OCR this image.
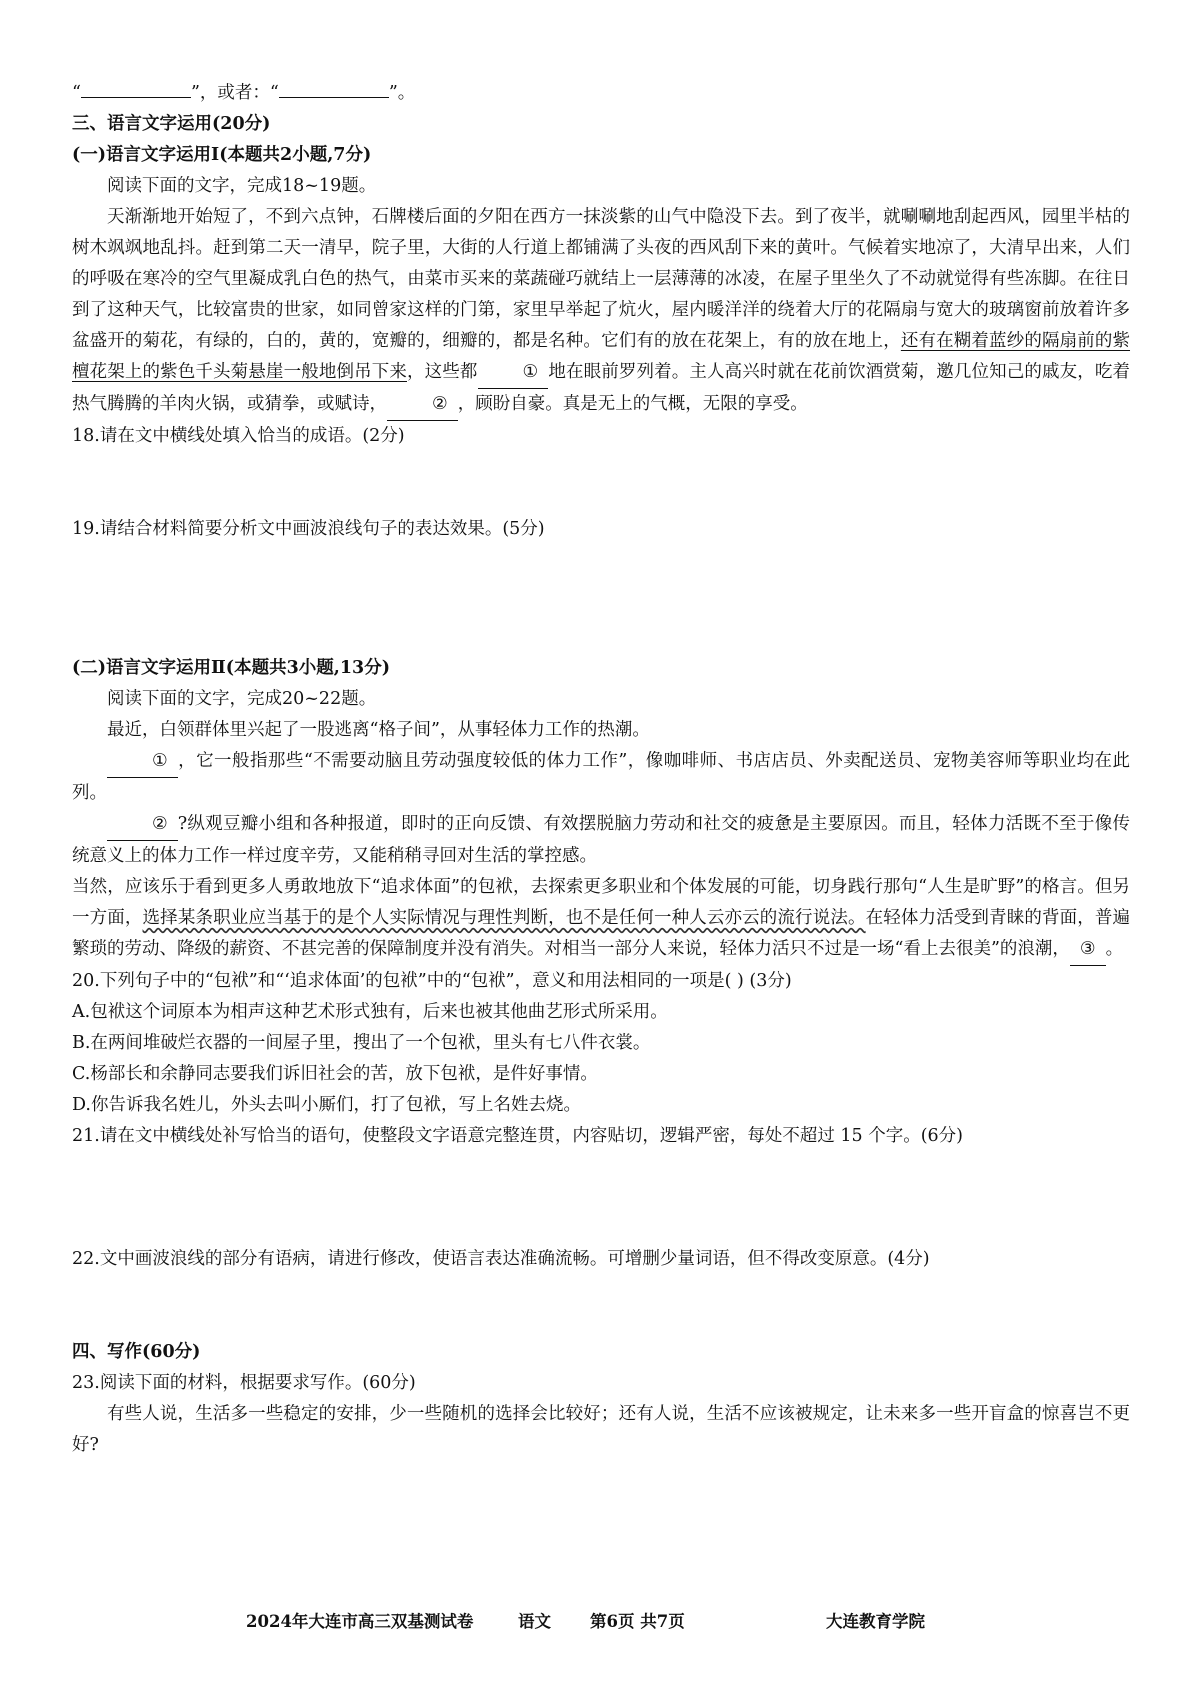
“	”，或者：“	”。
三、语言文字运用(20分)
(一)语言文字运用Ⅰ(本题共2小题,7分)
阅读下面的文字，完成18~19题。
天渐渐地开始短了，不到六点钟，石牌楼后面的夕阳在西方一抹淡紫的山气中隐没下去。到了夜半，就唰唰地刮起西风，园里半枯的树木飒飒地乱抖。赶到第二天一清早，院子里，大街的人行道上都铺满了头夜的西风刮下来的黄叶。气候着实地凉了，大清早出来，人们的呼吸在寒冷的空气里凝成乳白色的热气，由菜市买来的菜蔬碰巧就结上一层薄薄的冰凌，在屋子里坐久了不动就觉得有些冻脚。在往日到了这种天气，比较富贵的世家，如同曾家这样的门第，家里早举起了炕火，屋内暖洋洋的绕着大厅的花隔扇与宽大的玻璃窗前放着许多盆盛开的菊花，有绿的，白的，黄的，宽瓣的，细瓣的，都是名种。它们有的放在花架上，有的放在地上，还有在糊着蓝纱的隔扇前的紫檀花架上的紫色千头菊悬崖一般地倒吊下来，这些都	① 地在眼前罗列着。主人高兴时就在花前饮酒赏菊，邀几位知己的戚友，吃着热气腾腾的羊肉火锅，或猜拳，或赋诗，	② ，顾盼自豪。真是无上的气概，无限的享受。
18.请在文中横线处填入恰当的成语。(2分)
19.请结合材料简要分析文中画波浪线句子的表达效果。(5分)
(二)语言文字运用Ⅱ(本题共3小题,13分)
阅读下面的文字，完成20~22题。
最近，白领群体里兴起了一股逃离“格子间”，从事轻体力工作的热潮。
① ，它一般指那些“不需要动脑且劳动强度较低的体力工作”，像咖啡师、书店店员、外卖配送员、宠物美容师等职业均在此列。
② ?纵观豆瓣小组和各种报道，即时的正向反馈、有效摆脱脑力劳动和社交的疲惫是主要原因。而且，轻体力活既不至于像传统意义上的体力工作一样过度辛劳，又能稍稍寻回对生活的掌控感。
当然，应该乐于看到更多人勇敢地放下“追求体面”的包袱，去探索更多职业和个体发展的可能，切身践行那句“人生是旷野”的格言。但另一方面，选择某条职业应当基于的是个人实际情况与理性判断，也不是任何一种人云亦云的流行说法。在轻体力活受到青睐的背面，普遍繁琐的劳动、降级的薪资、不甚完善的保障制度并没有消失。对相当一部分人来说，轻体力活只不过是一场“看上去很美”的浪潮， ③ 。
20.下列句子中的“包袱”和“‘追求体面’的包袱”中的“包袱”，意义和用法相同的一项是( ) (3分)
A.包袱这个词原本为相声这种艺术形式独有，后来也被其他曲艺形式所采用。
B.在两间堆破烂衣器的一间屋子里，搜出了一个包袱，里头有七八件衣裳。
C.杨部长和余静同志要我们诉旧社会的苦，放下包袱，是件好事情。
D.你告诉我名姓儿，外头去叫小厮们，打了包袱，写上名姓去烧。
21.请在文中横线处补写恰当的语句，使整段文字语意完整连贯，内容贴切，逻辑严密，每处不超过 15 个字。(6分)
22.文中画波浪线的部分有语病，请进行修改，使语言表达准确流畅。可增删少量词语，但不得改变原意。(4分)
四、写作(60分)
23.阅读下面的材料，根据要求写作。(60分)
有些人说，生活多一些稳定的安排，少一些随机的选择会比较好；还有人说，生活不应该被规定，让未来多一些开盲盒的惊喜岂不更好?
2024年大连市高三双基测试卷	语文 第6页 共7页	大连教育学院
